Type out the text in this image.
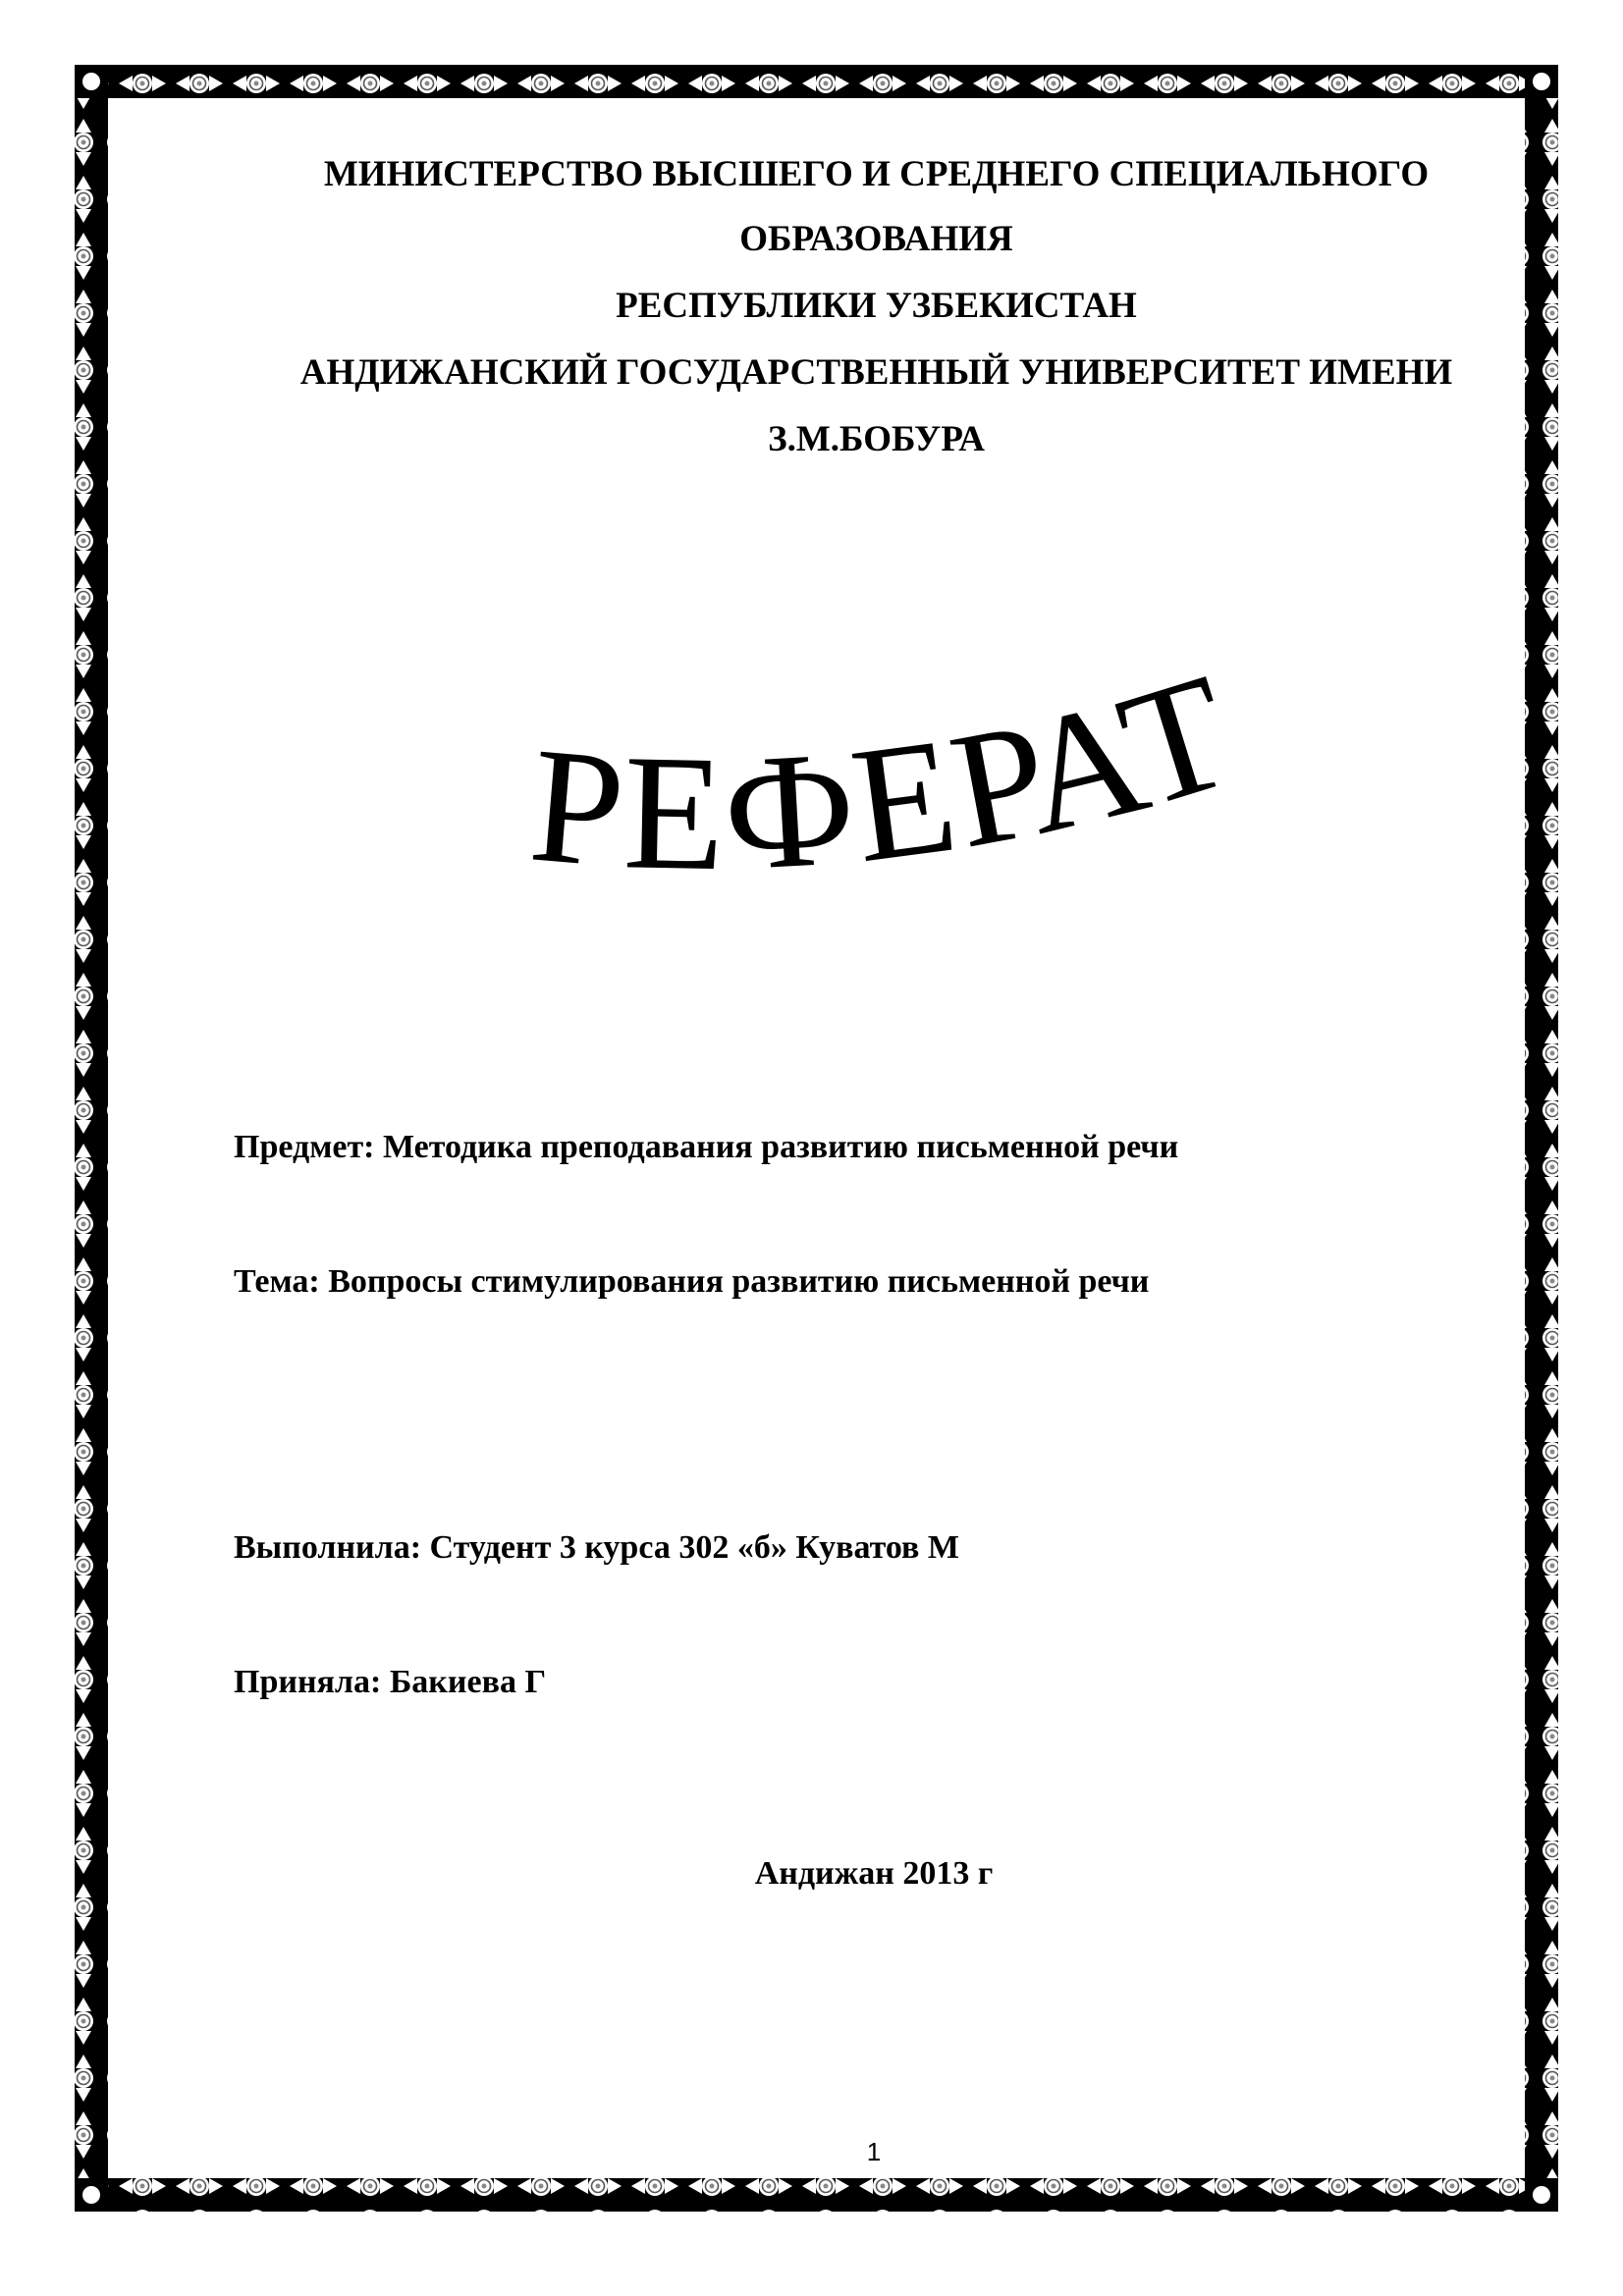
МИНИСТЕРСТВО ВЫСШЕГО И СРЕДНЕГО СПЕЦИАЛЬНОГО
ОБРАЗОВАНИЯ
РЕСПУБЛИКИ УЗБЕКИСТАН
АНДИЖАНСКИЙ ГОСУДАРСТВЕННЫЙ УНИВЕРСИТЕТ ИМЕНИ
З.М.БОБУРА
РЕФЕРАТ
Предмет: Методика преподавания развитию письменной речи
Тема: Вопросы стимулирования развитию письменной речи
Выполнила: Студент 3 курса 302 «б» Куватов М
Приняла: Бакиева Г
Андижан 2013 г
1
